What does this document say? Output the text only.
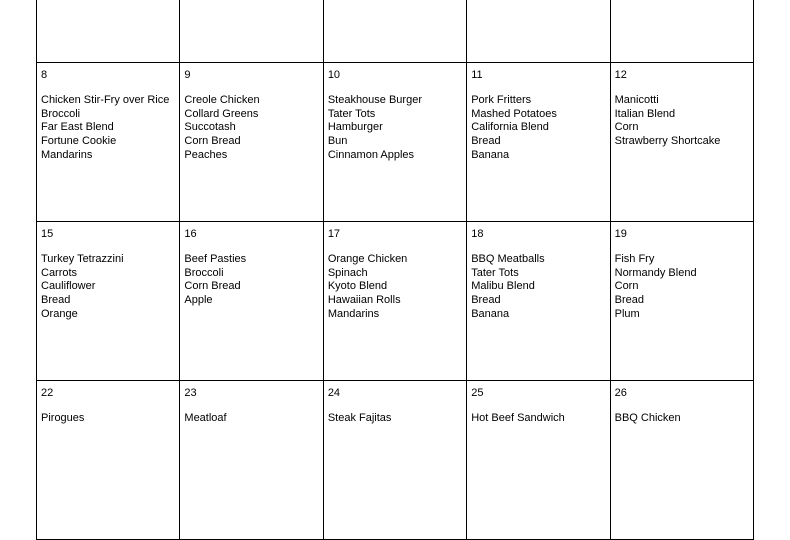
8
Chicken Stir-Fry over Rice
Broccoli
Far East Blend
Fortune Cookie
Mandarins
9
Creole Chicken
Collard Greens
Succotash
Corn Bread
Peaches
10
Steakhouse Burger
Tater Tots
Hamburger
Bun
Cinnamon Apples
11
Pork Fritters
Mashed Potatoes
California Blend
Bread
Banana
12
Manicotti
Italian Blend
Corn
Strawberry Shortcake
15
Turkey Tetrazzini
Carrots
Cauliflower
Bread
Orange
16
Beef Pasties
Broccoli
Corn Bread
Apple
17
Orange Chicken
Spinach
Kyoto Blend
Hawaiian Rolls
Mandarins
18
BBQ Meatballs
Tater Tots
Malibu Blend
Bread
Banana
19
Fish Fry
Normandy Blend
Corn
Bread
Plum
22
Pirogues
23
Meatloaf
24
Steak Fajitas
25
Hot Beef Sandwich
26
BBQ Chicken
